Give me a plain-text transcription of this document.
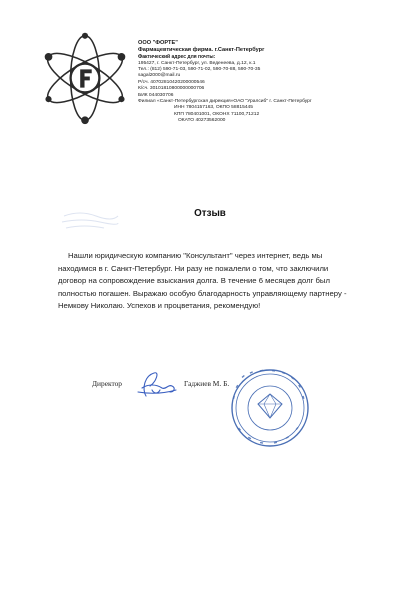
ООО "ФОРТЕ"
Фармацевтическая фирма. г.Санкт-Петербург
Фактический адрес для почты:
195427, г. Санкт-Петербург, ул. Веденеева, д.12, к.1
Тел.: (812) 590-71-03, 590-71-02, 590-70-88, 590-70-35
sagal2000@mail.ru
Р/сч. 40702810420200000546
К/сч. 30101810800000000706
БИК 044030706
Филиал «Санкт-Петербургская дирекция»ОАО "Уралсиб" г. Санкт-Петербург
ИНН 7804157163, ОКПО 58815445
КПП 780401001, ОКОНХ 71100,71212
ОКАТО 40273562000
Отзыв
Нашли юридическую компанию "Консультант" через интернет, ведь мы
находимся в г. Санкт-Петербург. Ни разу не пожалели о том, что заключили
договор на сопровождение взыскания долга. В течение 6 месяцев долг был
полностью погашен. Выражаю особую благодарность управляющему партнеру -
Немкову Николаю. Успехов и процветания, рекомендую!
Директор	Гаджиев М. Б.
